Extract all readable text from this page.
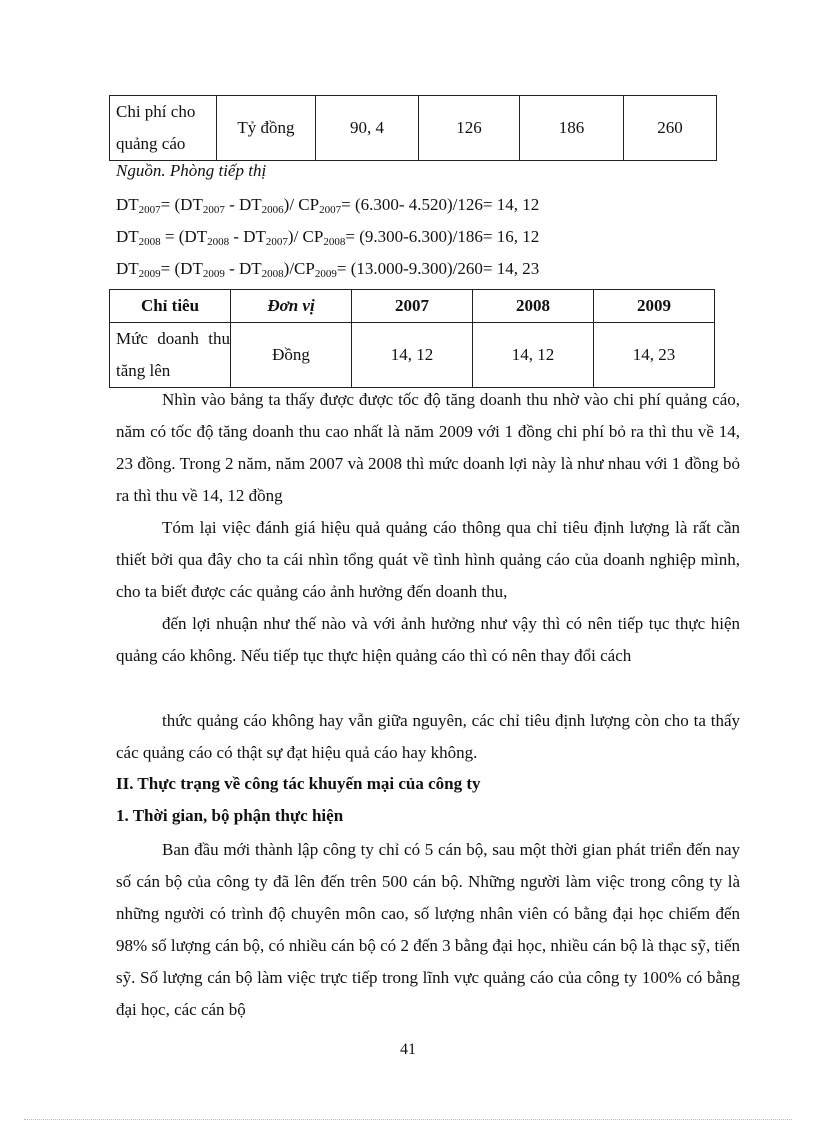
Chi phí cho quảng cáo	Tỷ đồng	90, 4	126	186	260
Nguồn. Phòng tiếp thị
$DT_{2007}= (DT_{2007} - DT_{2006})/$ $CP_{2007}= (6.300-$ 4.520)/126= 14, 12
$DT_{2008} = (DT_{2008} - DT_{2007})/$ $CP_{2008}= (9.300-6.300)/186= 16$, 12
$DT_{2009}= (DT_{2009} - DT_{2008})/CP_{2009}= (13.000-9.300)/260= 14$, 23
Chỉ tiêu	Đơn vị	2007	2008	2009
Mức doanh thu tăng lên	Đồng	14, 12	14, 12	14, 23
Nhìn vào bảng ta thấy được được tốc độ tăng doanh thu nhờ vào chi phí quảng cáo, năm có tốc độ tăng doanh thu cao nhất là năm 2009 với 1 đồng chi phí bỏ ra thì thu về 14, 23 đồng. Trong 2 năm, năm 2007 và 2008 thì mức doanh lợi này là như nhau với 1 đồng bỏ ra thì thu về 14, 12 đồng
Tóm lại việc đánh giá hiệu quả quảng cáo thông qua chỉ tiêu định lượng là rất cần thiết bởi qua đây cho ta cái nhìn tổng quát về tình hình quảng cáo của doanh nghiệp mình, cho ta biết được các quảng cáo ảnh hưởng đến doanh thu,
đến lợi nhuận như thế nào và với ảnh hưởng như vậy thì có nên tiếp tục thực hiện quảng cáo không. Nếu tiếp tục thực hiện quảng cáo thì có nên thay đổi cách
thức quảng cáo không hay vẫn giữa nguyên, các chỉ tiêu định lượng còn cho ta thấy các quảng cáo có thật sự đạt hiệu quả cáo hay không.
II. Thực trạng về công tác khuyến mại của công ty
1. Thời gian, bộ phận thực hiện
Ban đầu mới thành lập công ty chỉ có 5 cán bộ, sau một thời gian phát triển đến nay số cán bộ của công ty đã lên đến trên 500 cán bộ. Những người làm việc trong công ty là những người có trình độ chuyên môn cao, số lượng nhân viên có bằng đại học chiếm đến 98% số lượng cán bộ, có nhiều cán bộ có 2 đến 3 bằng đại học, nhiều cán bộ là thạc sỹ, tiến sỹ. Số lượng cán bộ làm việc trực tiếp trong lĩnh vực quảng cáo của công ty 100% có bằng đại học, các cán bộ
41
